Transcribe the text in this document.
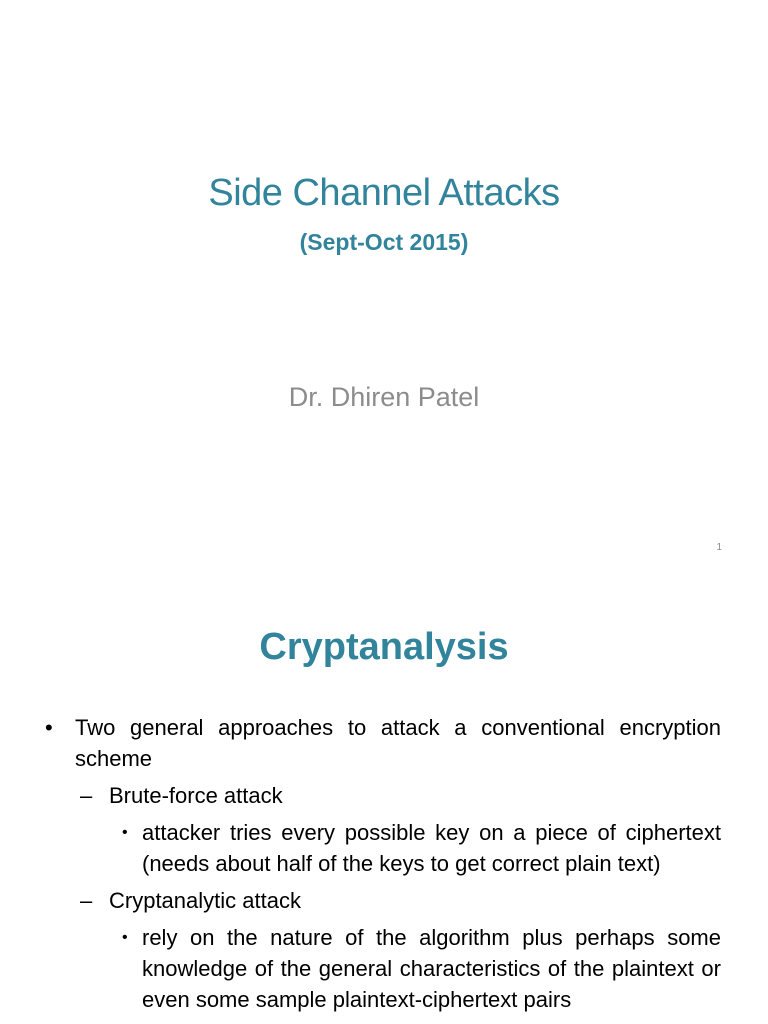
Side Channel Attacks
(Sept-Oct 2015)
Dr. Dhiren Patel
1
Cryptanalysis
• Two general approaches to attack a conventional encryption scheme
– Brute-force attack
• attacker tries every possible key on a piece of ciphertext (needs about half of the keys to get correct plain text)
– Cryptanalytic attack
• rely on the nature of the algorithm plus perhaps some knowledge of the general characteristics of the plaintext or even some sample plaintext-ciphertext pairs
